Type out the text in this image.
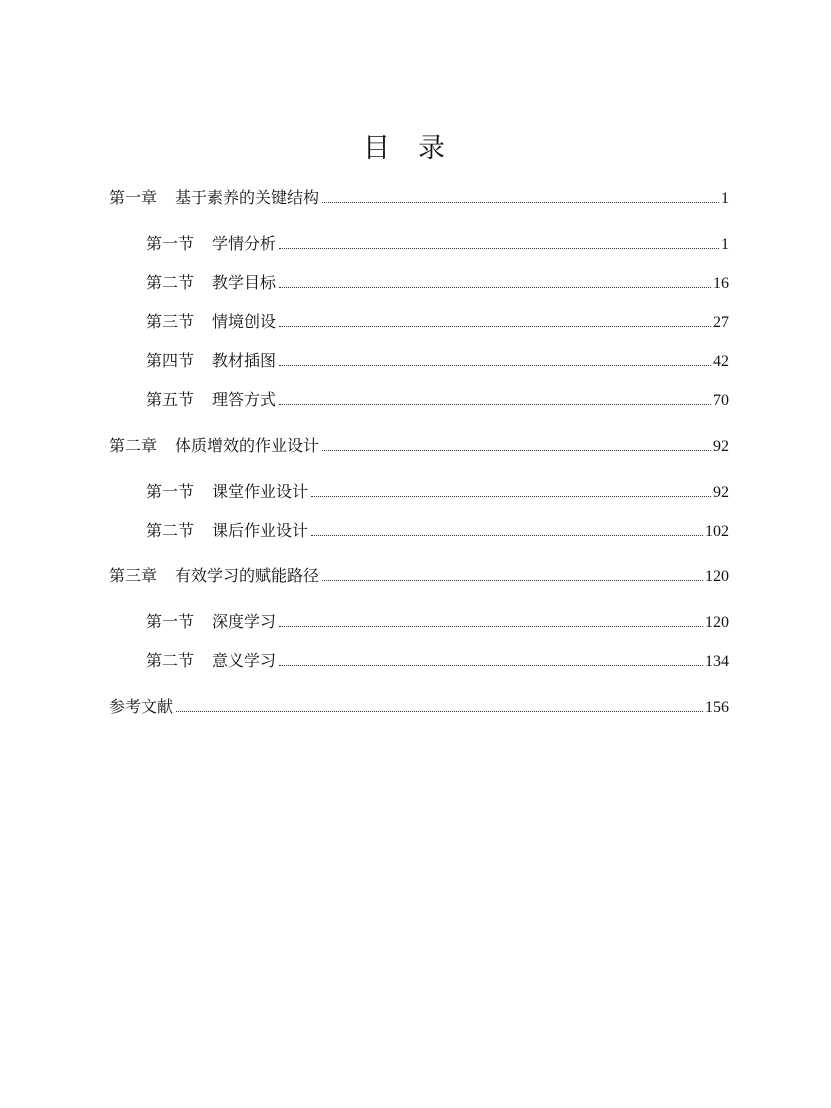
目 录
第一章 基于素养的关键结构	1
第一节 学情分析	1
第二节 教学目标	16
第三节 情境创设	27
第四节 教材插图	42
第五节 理答方式	70
第二章 体质增效的作业设计	92
第一节 课堂作业设计	92
第二节 课后作业设计	102
第三章 有效学习的赋能路径	120
第一节 深度学习	120
第二节 意义学习	134
参考文献	156
